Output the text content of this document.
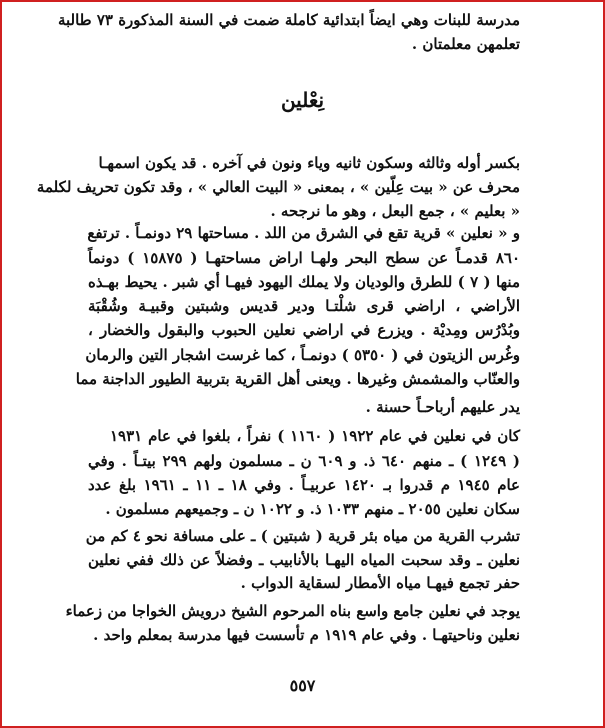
مدرسة للبنات وهي ايضاً ابتدائية كاملة ضمت في السنة المذكورة ٧٣ طالبة
تعلمهن معلمتان .
نِعْلين
بكسر أوله وثالثه وسكون ثانيه وياء ونون في آخره . قد يكون اسمهـا
محرف عن « بيت عِلّين » ، بمعنى « البيت العالي » ، وقد تكون تحريف لكلمة
« بعليم » ، جمع البعل ، وهو ما نرجحه .
و « نعلين » قرية تقع في الشرق من اللد . مساحتها ٢٩ دونمـاً . ترتفع
٨٦٠ قدمـاً عن سطح البحر ولهـا اراض مساحتهـا ( ١٥٨٧٥ ) دونماً
منها ( ٧ ) للطرق والوديان ولا يملك اليهود فيهـا أي شبر . يحيط بهـذه
الأراضي ، اراضي قرى شلْتـا ودير قديس وشبتين وقبيـة وشُقْبَة
وبُدْرُس ومِديْة . ويزرع في اراضي نعلين الحبوب والبقول والخضار ،
وغُرس الزيتون في ( ٥٣٥٠ ) دونمـاً ، كما غرست اشجار التين والرمان
والعنّاب والمشمش وغيرها . ويعنى أهل القرية بتربية الطيور الداجنة مما
يدر عليهم أرباحـاً حسنة .
كان في نعلين في عام ١٩٢٢ ( ١١٦٠ ) نفراً ، بلغوا في عام ١٩٣١
( ١٢٤٩ ) ـ منهم ٦٤٠ ذ. و ٦٠٩ ن ـ مسلمون ولهم ٢٩٩ بيتـاً . وفي
عام ١٩٤٥ م قدروا بـ ١٤٢٠ عربيـاً . وفي ١٨ ـ ١١ ـ ١٩٦١ بلغ عدد
سكان نعلين ٢٠٥٥ ـ منهم ١٠٣٣ ذ. و ١٠٢٢ ن ـ وجميعهم مسلمون .
تشرب القرية من مياه بئر قرية ( شبتين ) ـ على مسافة نحو ٤ كم من
نعلين ـ وقد سحبت المياه اليهـا بالأنابيب ـ وفضلاً عن ذلك ففي نعلين
حفر تجمع فيهـا مياه الأمطار لسقاية الدواب .
يوجد في نعلين جامع واسع بناه المرحوم الشيخ درويش الخواجا من زعماء
نعلين وناحيتهـا . وفي عام ١٩١٩ م تأسست فيها مدرسة بمعلم واحد .
٥٥٧
